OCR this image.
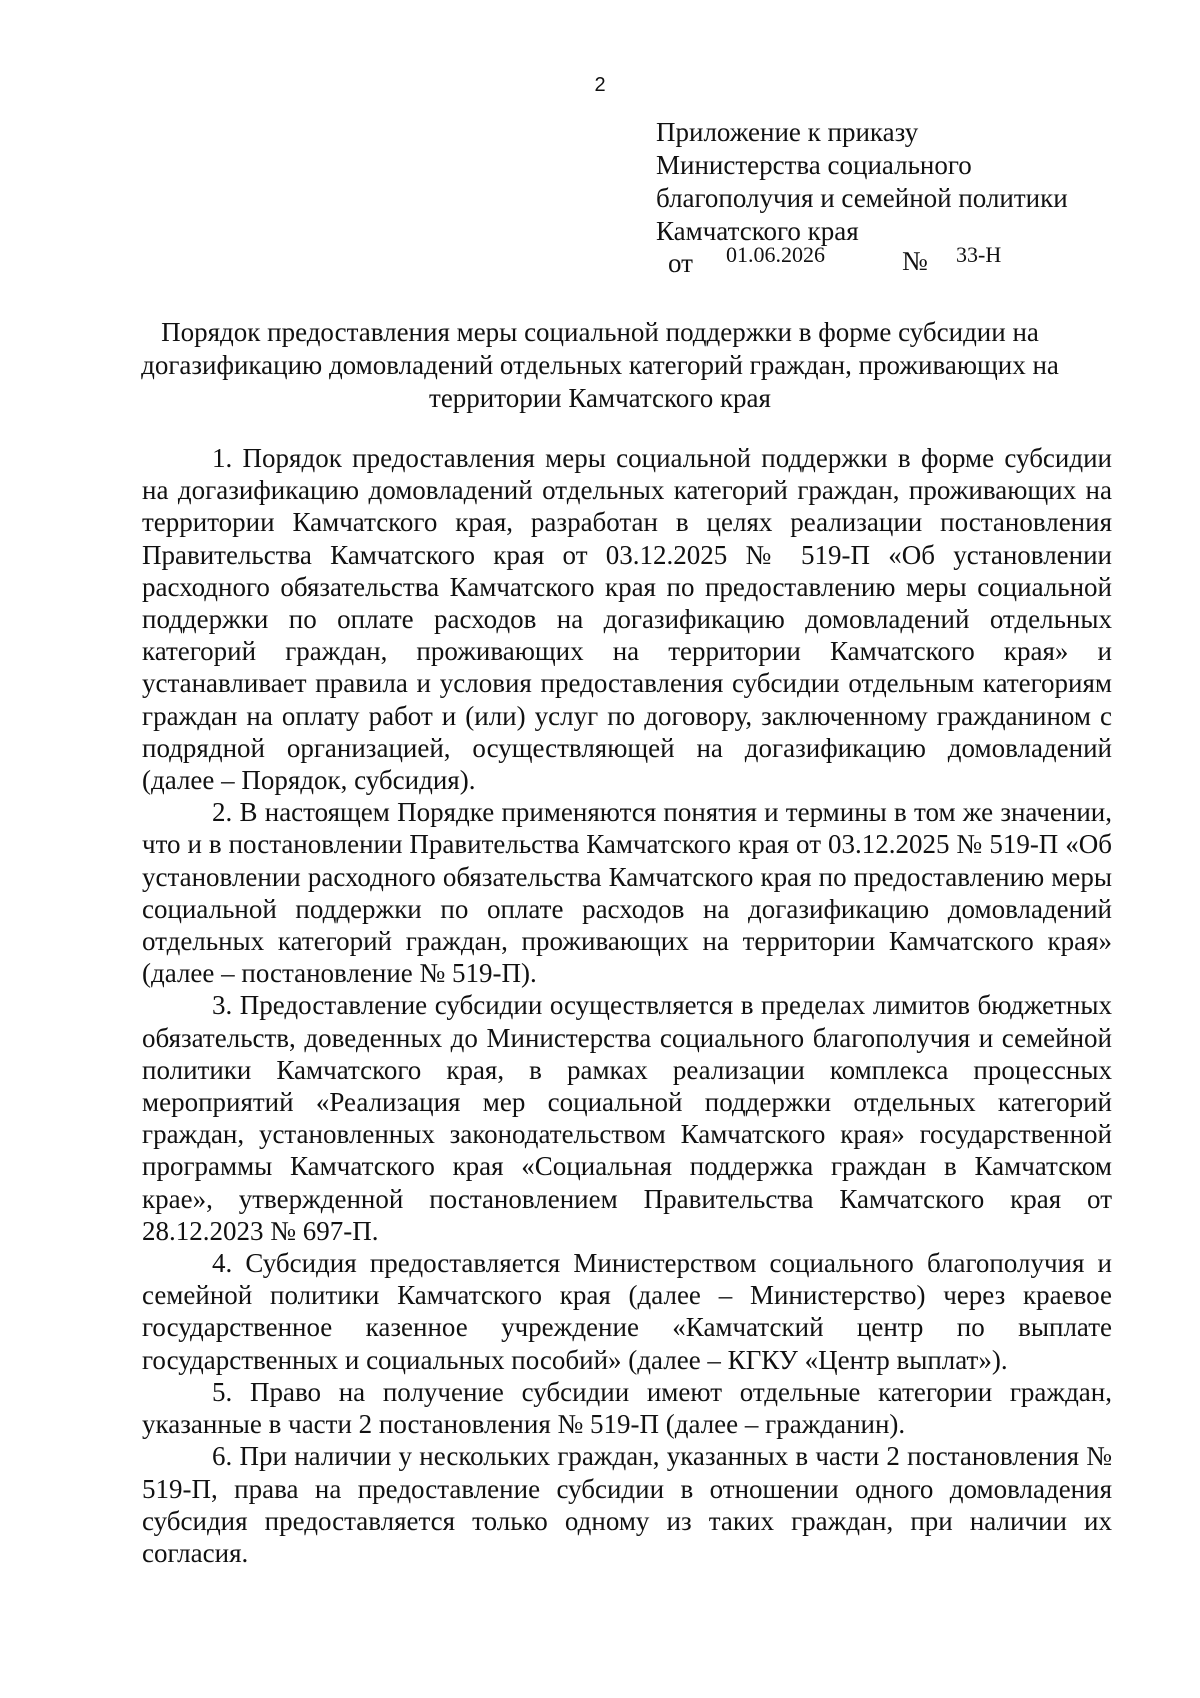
2
Приложение к приказу
Министерства социального
благополучия и семейной политики
Камчатского края
от 01.06.2026	№ 33-Н
Порядок предоставления меры социальной поддержки в форме субсидии на догазификацию домовладений отдельных категорий граждан, проживающих на территории Камчатского края

1. Порядок предоставления меры социальной поддержки в форме субсидии на догазификацию домовладений отдельных категорий граждан, проживающих на территории Камчатского края, разработан в целях реализации постановления Правительства Камчатского края от 03.12.2025 № 519-П «Об установлении расходного обязательства Камчатского края по предоставлению меры социальной поддержки по оплате расходов на догазификацию домовладений отдельных категорий граждан, проживающих на территории Камчатского края» и устанавливает правила и условия предоставления субсидии отдельным категориям граждан на оплату работ и (или) услуг по договору, заключенному гражданином с подрядной организацией, осуществляющей на догазификацию домовладений (далее – Порядок, субсидия).

2. В настоящем Порядке применяются понятия и термины в том же значении, что и в постановлении Правительства Камчатского края от 03.12.2025 № 519-П «Об установлении расходного обязательства Камчатского края по предоставлению меры социальной поддержки по оплате расходов на догазификацию домовладений отдельных категорий граждан, проживающих на территории Камчатского края» (далее – постановление № 519-П).

3. Предоставление субсидии осуществляется в пределах лимитов бюджетных обязательств, доведенных до Министерства социального благополучия и семейной политики Камчатского края, в рамках реализации комплекса процессных мероприятий «Реализация мер социальной поддержки отдельных категорий граждан, установленных законодательством Камчатского края» государственной программы Камчатского края «Социальная поддержка граждан в Камчатском крае», утвержденной постановлением Правительства Камчатского края от 28.12.2023 № 697-П.

4. Субсидия предоставляется Министерством социального благополучия и семейной политики Камчатского края (далее – Министерство) через краевое государственное казенное учреждение «Камчатский центр по выплате государственных и социальных пособий» (далее – КГКУ «Центр выплат»).

5. Право на получение субсидии имеют отдельные категории граждан, указанные в части 2 постановления № 519-П (далее – гражданин).

6. При наличии у нескольких граждан, указанных в части 2 постановления № 519-П, права на предоставление субсидии в отношении одного домовладения субсидия предоставляется только одному из таких граждан, при наличии их согласия.
